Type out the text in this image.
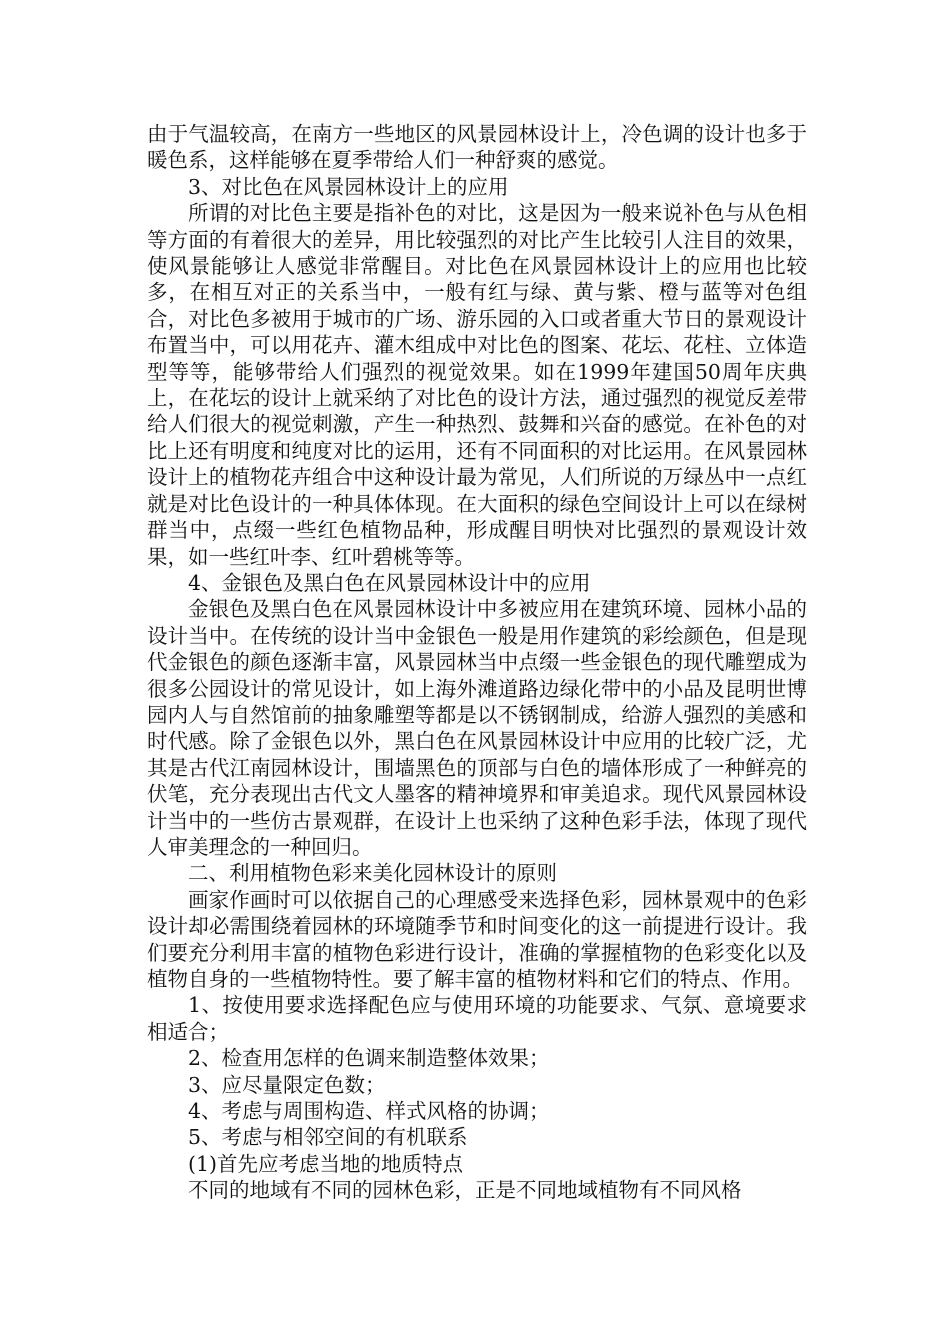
由于气温较高，在南方一些地区的风景园林设计上，冷色调的设计也多于暖色系，这样能够在夏季带给人们一种舒爽的感觉。

3、对比色在风景园林设计上的应用

所谓的对比色主要是指补色的对比，这是因为一般来说补色与从色相等方面的有着很大的差异，用比较强烈的对比产生比较引人注目的效果，使风景能够让人感觉非常醒目。对比色在风景园林设计上的应用也比较多，在相互对正的关系当中，一般有红与绿、黄与紫、橙与蓝等对色组合，对比色多被用于城市的广场、游乐园的入口或者重大节日的景观设计布置当中，可以用花卉、灌木组成中对比色的图案、花坛、花柱、立体造型等等，能够带给人们强烈的视觉效果。如在1999年建国50周年庆典上，在花坛的设计上就采纳了对比色的设计方法，通过强烈的视觉反差带给人们很大的视觉刺激，产生一种热烈、鼓舞和兴奋的感觉。在补色的对比上还有明度和纯度对比的运用，还有不同面积的对比运用。在风景园林设计上的植物花卉组合中这种设计最为常见，人们所说的万绿丛中一点红就是对比色设计的一种具体体现。在大面积的绿色空间设计上可以在绿树群当中，点缀一些红色植物品种，形成醒目明快对比强烈的景观设计效果，如一些红叶李、红叶碧桃等等。

4、金银色及黑白色在风景园林设计中的应用

金银色及黑白色在风景园林设计中多被应用在建筑环境、园林小品的设计当中。在传统的设计当中金银色一般是用作建筑的彩绘颜色，但是现代金银色的颜色逐渐丰富，风景园林当中点缀一些金银色的现代雕塑成为很多公园设计的常见设计，如上海外滩道路边绿化带中的小品及昆明世博园内人与自然馆前的抽象雕塑等都是以不锈钢制成，给游人强烈的美感和时代感。除了金银色以外，黑白色在风景园林设计中应用的比较广泛，尤其是古代江南园林设计，围墙黑色的顶部与白色的墙体形成了一种鲜亮的伏笔，充分表现出古代文人墨客的精神境界和审美追求。现代风景园林设计当中的一些仿古景观群，在设计上也采纳了这种色彩手法，体现了现代人审美理念的一种回归。

二、利用植物色彩来美化园林设计的原则

画家作画时可以依据自己的心理感受来选择色彩，园林景观中的色彩设计却必需围绕着园林的环境随季节和时间变化的这一前提进行设计。我们要充分利用丰富的植物色彩进行设计，准确的掌握植物的色彩变化以及植物自身的一些植物特性。要了解丰富的植物材料和它们的特点、作用。

1、按使用要求选择配色应与使用环境的功能要求、气氛、意境要求相适合；

2、检查用怎样的色调来制造整体效果；

3、应尽量限定色数；

4、考虑与周围构造、样式风格的协调；

5、考虑与相邻空间的有机联系

(1)首先应考虑当地的地质特点

不同的地域有不同的园林色彩，正是不同地域植物有不同风格
